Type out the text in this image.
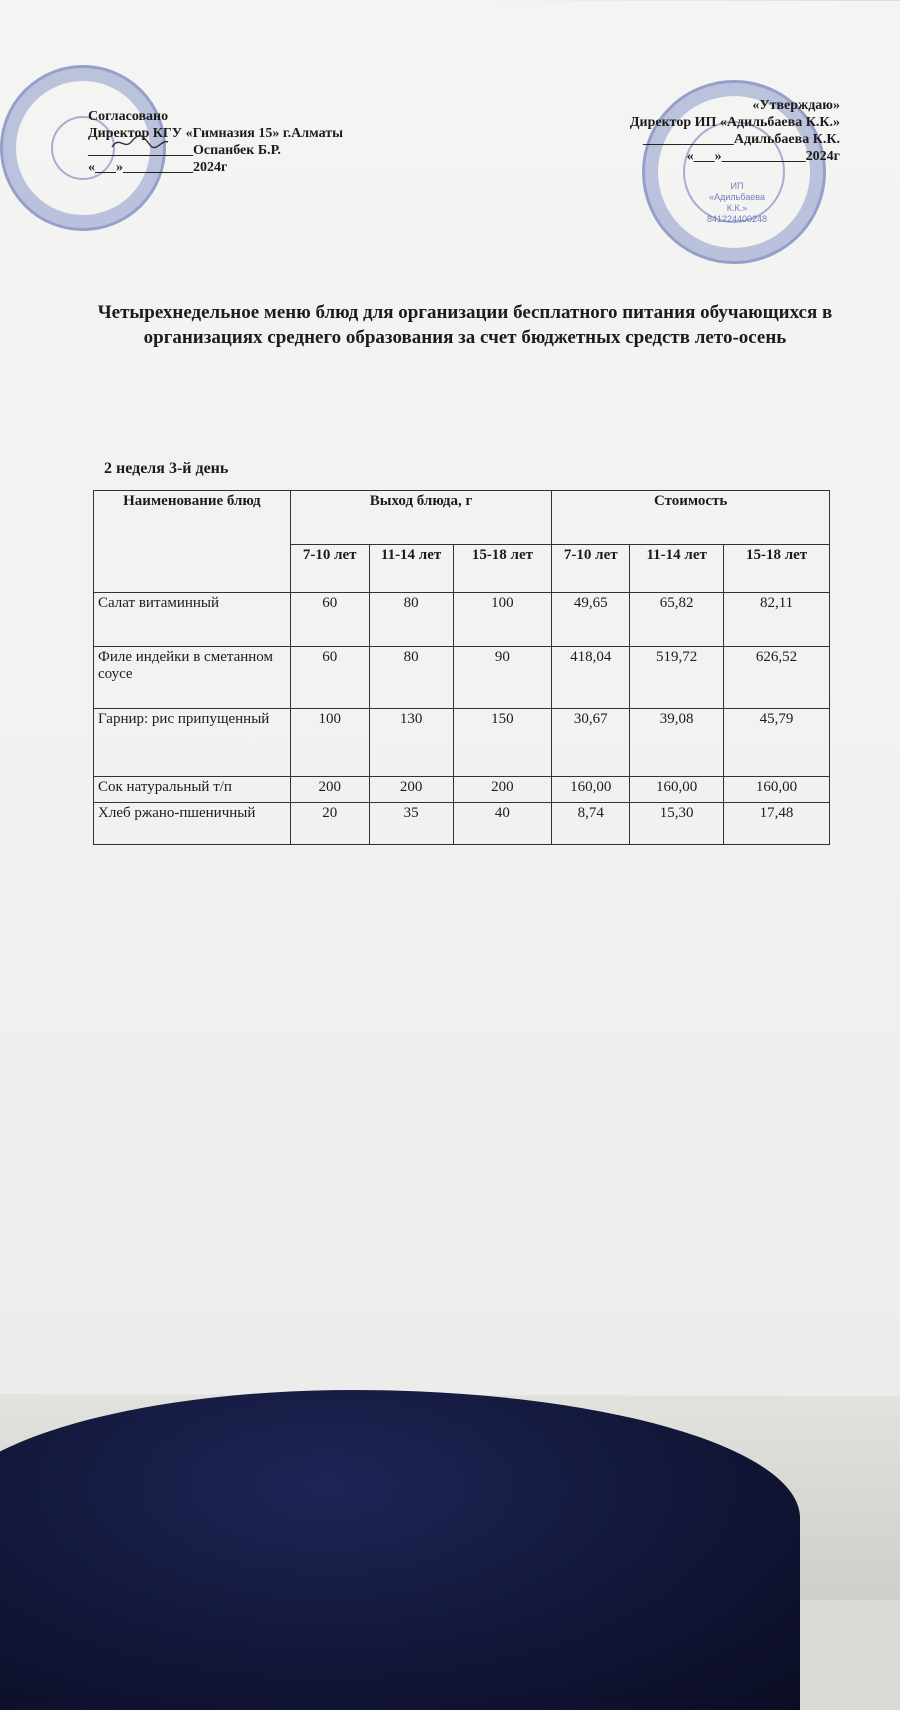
ИП «Адильбаева К.К.» 841224400248
Согласовано
Директор КГУ «Гимназия 15» г.Алматы
_______________Оспанбек Б.Р.
«___»__________2024г
«Утверждаю»
Директор ИП «Адильбаева К.К.»
_____________Адильбаева К.К.
«___»____________2024г
Четырехнедельное меню блюд для организации бесплатного питания обучающихся в организациях среднего образования за счет бюджетных средств лето-осень
2 неделя 3-й день
Наименование блюд	Выход блюда, г			Стоимость		
	7-10 лет	11-14 лет	15-18 лет	7-10 лет	11-14 лет	15-18 лет
Салат витаминный	60	80	100	49,65	65,82	82,11
Филе индейки в сметанном соусе	60	80	90	418,04	519,72	626,52
Гарнир: рис припущенный	100	130	150	30,67	39,08	45,79
Сок натуральный т/п	200	200	200	160,00	160,00	160,00
Хлеб ржано-пшеничный	20	35	40	8,74	15,30	17,48
